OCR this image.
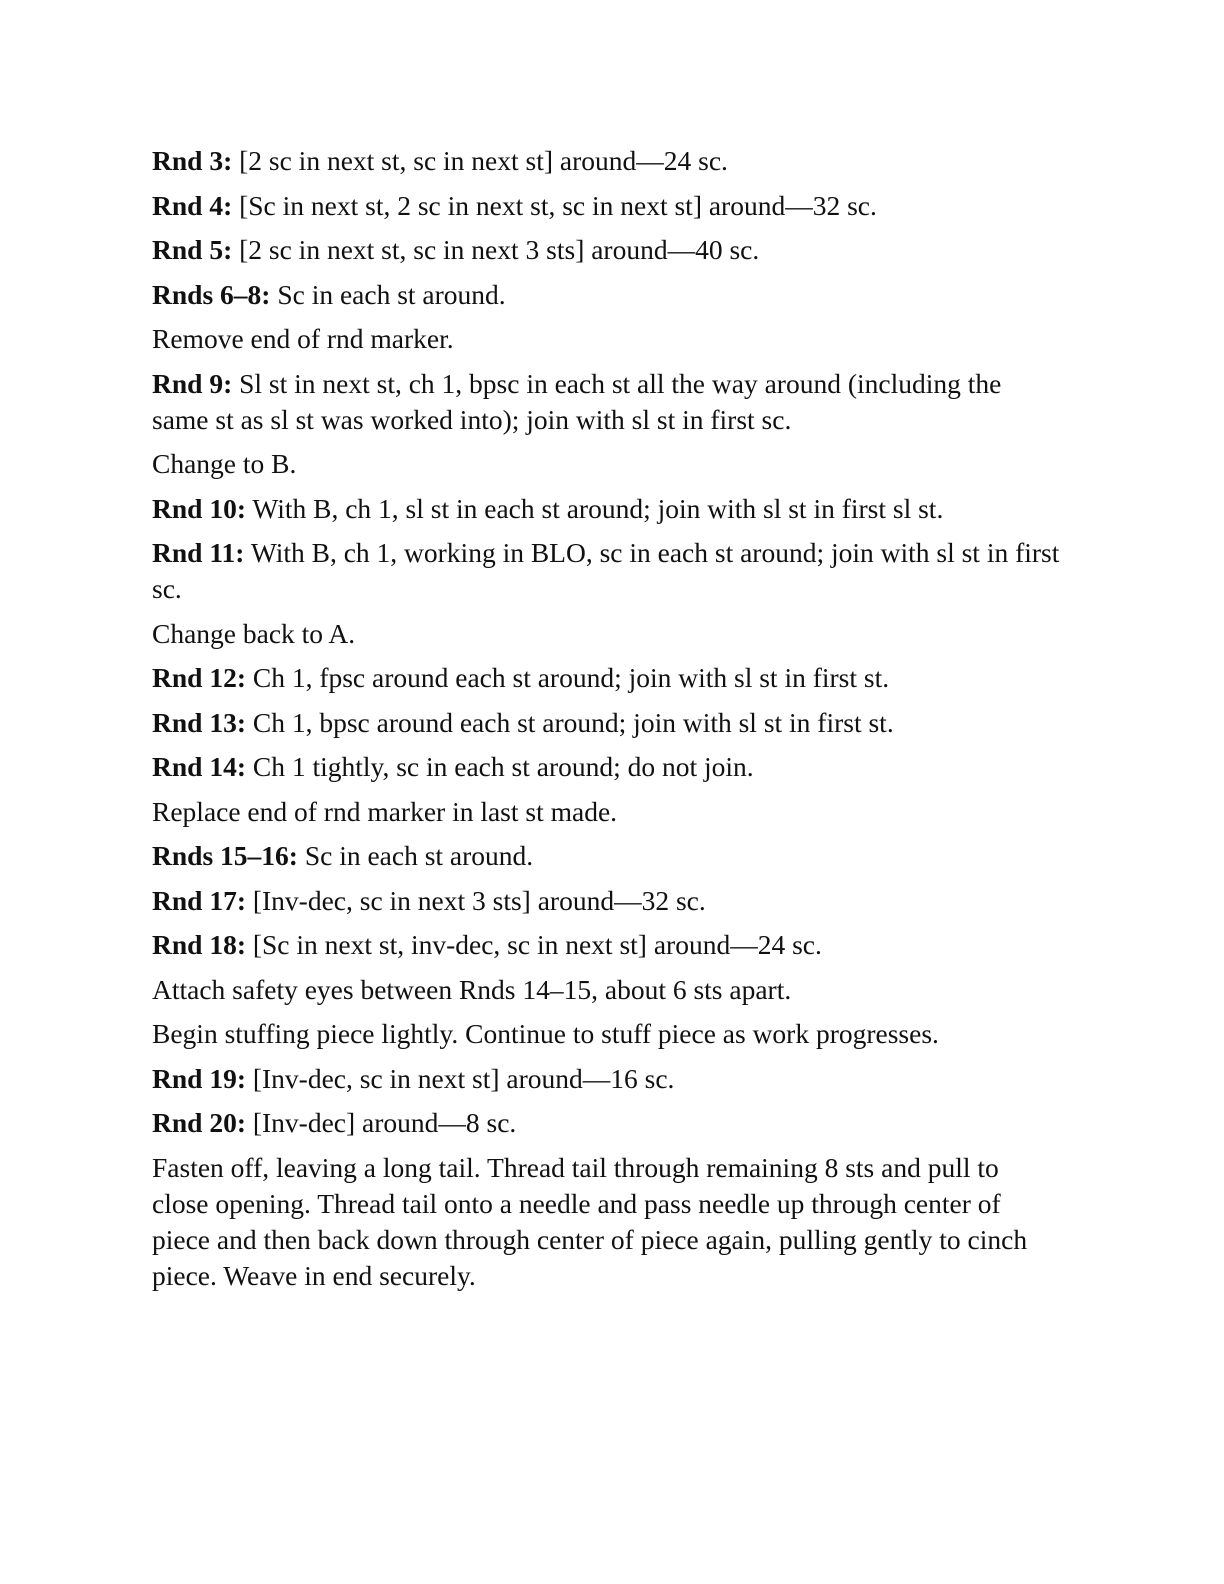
Rnd 3: [2 sc in next st, sc in next st] around—24 sc.

Rnd 4: [Sc in next st, 2 sc in next st, sc in next st] around—32 sc.

Rnd 5: [2 sc in next st, sc in next 3 sts] around—40 sc.

Rnds 6–8: Sc in each st around.

Remove end of rnd marker.

Rnd 9: Sl st in next st, ch 1, bpsc in each st all the way around (including the same st as sl st was worked into); join with sl st in first sc.

Change to B.

Rnd 10: With B, ch 1, sl st in each st around; join with sl st in first sl st.

Rnd 11: With B, ch 1, working in BLO, sc in each st around; join with sl st in first sc.

Change back to A.

Rnd 12: Ch 1, fpsc around each st around; join with sl st in first st.

Rnd 13: Ch 1, bpsc around each st around; join with sl st in first st.

Rnd 14: Ch 1 tightly, sc in each st around; do not join.

Replace end of rnd marker in last st made.

Rnds 15–16: Sc in each st around.

Rnd 17: [Inv-dec, sc in next 3 sts] around—32 sc.

Rnd 18: [Sc in next st, inv-dec, sc in next st] around—24 sc.

Attach safety eyes between Rnds 14–15, about 6 sts apart.

Begin stuffing piece lightly. Continue to stuff piece as work progresses.

Rnd 19: [Inv-dec, sc in next st] around—16 sc.

Rnd 20: [Inv-dec] around—8 sc.

Fasten off, leaving a long tail. Thread tail through remaining 8 sts and pull to close opening. Thread tail onto a needle and pass needle up through center of piece and then back down through center of piece again, pulling gently to cinch piece. Weave in end securely.
